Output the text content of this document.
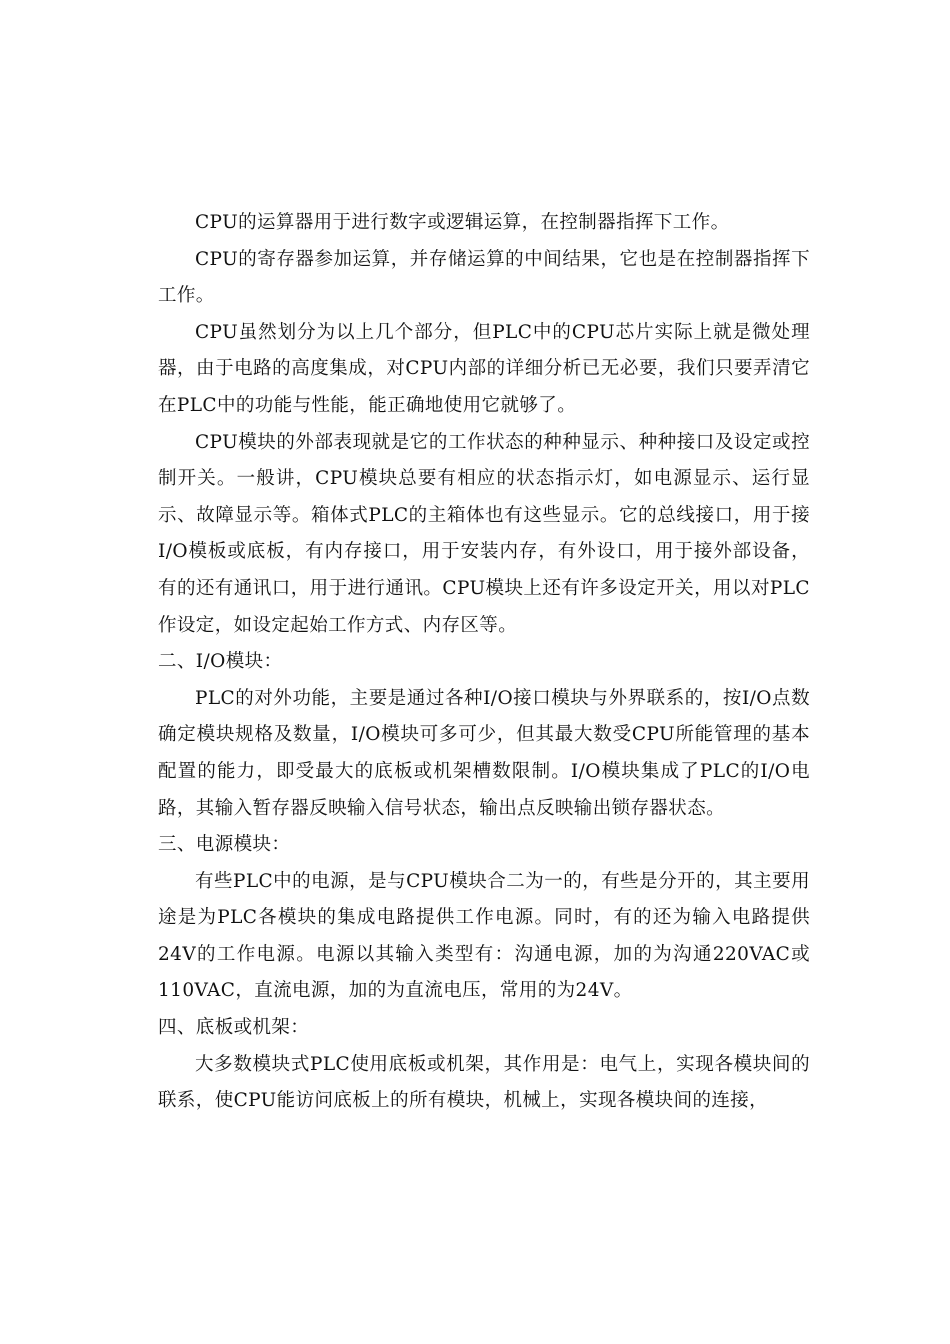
CPU的运算器用于进行数字或逻辑运算，在控制器指挥下工作。

CPU的寄存器参加运算，并存储运算的中间结果，它也是在控制器指挥下工作。

CPU虽然划分为以上几个部分，但PLC中的CPU芯片实际上就是微处理器，由于电路的高度集成，对CPU内部的详细分析已无必要，我们只要弄清它在PLC中的功能与性能，能正确地使用它就够了。

CPU模块的外部表现就是它的工作状态的种种显示、种种接口及设定或控制开关。一般讲，CPU模块总要有相应的状态指示灯，如电源显示、运行显示、故障显示等。箱体式PLC的主箱体也有这些显示。它的总线接口，用于接I/O模板或底板，有内存接口，用于安装内存，有外设口，用于接外部设备，有的还有通讯口，用于进行通讯。CPU模块上还有许多设定开关，用以对PLC作设定，如设定起始工作方式、内存区等。

二、I/O模块：

PLC的对外功能，主要是通过各种I/O接口模块与外界联系的，按I/O点数确定模块规格及数量，I/O模块可多可少，但其最大数受CPU所能管理的基本配置的能力，即受最大的底板或机架槽数限制。I/O模块集成了PLC的I/O电路，其输入暂存器反映输入信号状态，输出点反映输出锁存器状态。

三、电源模块：

有些PLC中的电源，是与CPU模块合二为一的，有些是分开的，其主要用途是为PLC各模块的集成电路提供工作电源。同时，有的还为输入电路提供24V的工作电源。电源以其输入类型有：沟通电源，加的为沟通220VAC或110VAC，直流电源，加的为直流电压，常用的为24V。

四、底板或机架：

大多数模块式PLC使用底板或机架，其作用是：电气上，实现各模块间的联系，使CPU能访问底板上的所有模块，机械上，实现各模块间的连接，
